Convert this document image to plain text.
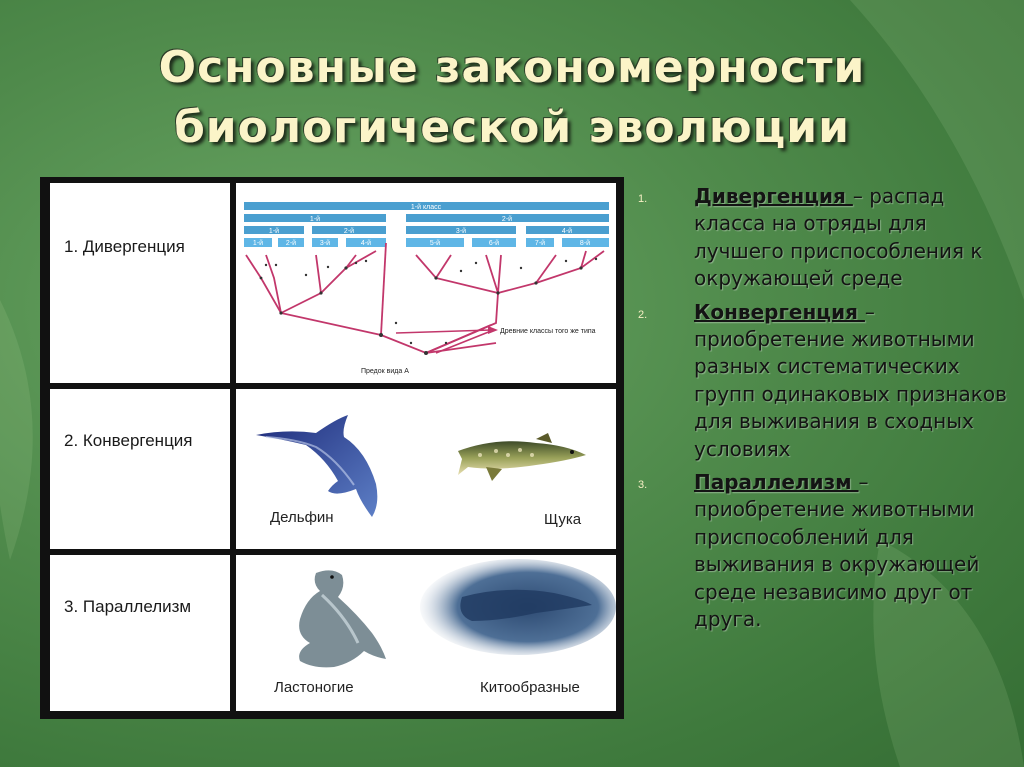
Основные закономерности
биологической эволюции
1. Дивергенция
1-й класс
1-й	2-й
1-й	2-й	3-й	4-й
1-й	2-й	3-й	4-й	5-й	6-й	7-й	8-й
Предок вида А
Древние классы того же типа
2. Конвергенция
Дельфин	Щука
3. Параллелизм
Ластоногие	Китообразные
1. Дивергенция – распад класса на отряды для лучшего приспособления к окружающей среде
2. Конвергенция – приобретение животными разных систематических групп одинаковых признаков для выживания в сходных условиях
3. Параллелизм – приобретение животными приспособлений для выживания в окружающей среде независимо друг от друга.
